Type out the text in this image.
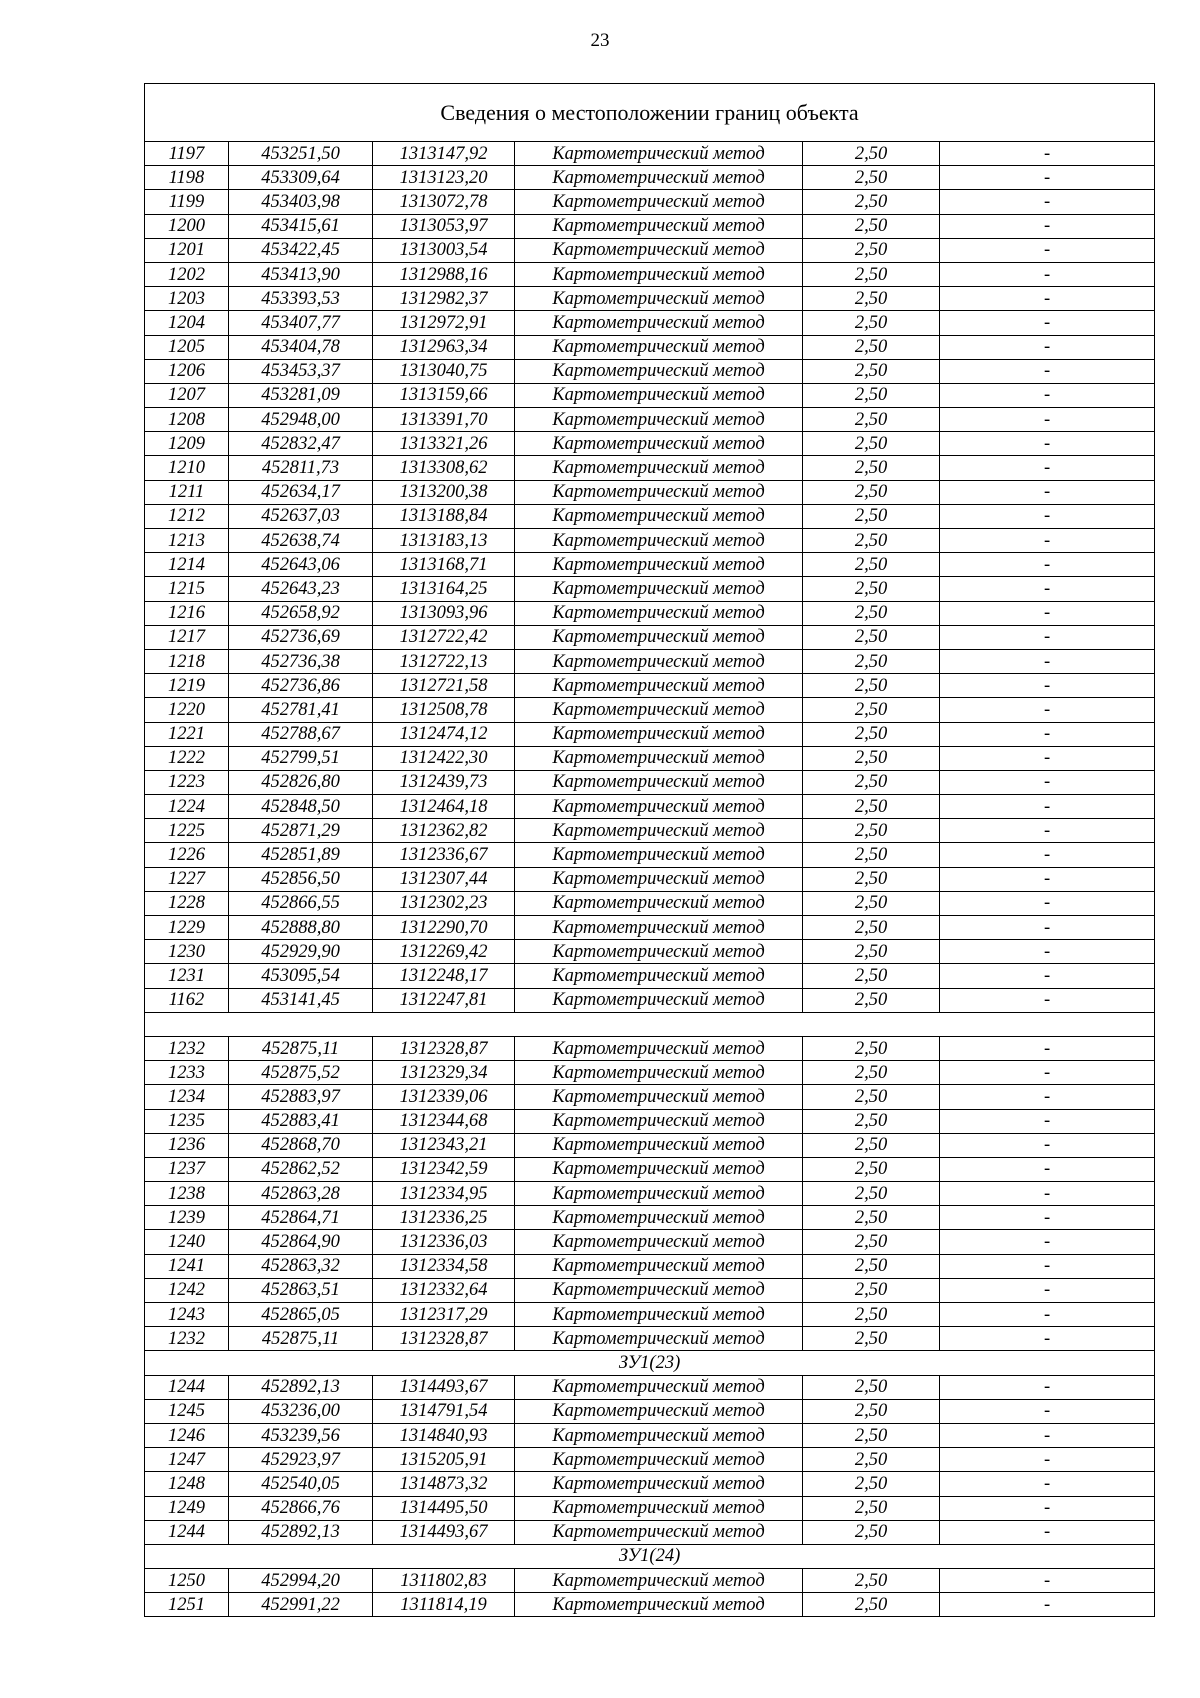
23
Сведения о местоположении границ объекта					
1197	453251,50	1313147,92	Картометрический метод	2,50	-
1198	453309,64	1313123,20	Картометрический метод	2,50	-
1199	453403,98	1313072,78	Картометрический метод	2,50	-
1200	453415,61	1313053,97	Картометрический метод	2,50	-
1201	453422,45	1313003,54	Картометрический метод	2,50	-
1202	453413,90	1312988,16	Картометрический метод	2,50	-
1203	453393,53	1312982,37	Картометрический метод	2,50	-
1204	453407,77	1312972,91	Картометрический метод	2,50	-
1205	453404,78	1312963,34	Картометрический метод	2,50	-
1206	453453,37	1313040,75	Картометрический метод	2,50	-
1207	453281,09	1313159,66	Картометрический метод	2,50	-
1208	452948,00	1313391,70	Картометрический метод	2,50	-
1209	452832,47	1313321,26	Картометрический метод	2,50	-
1210	452811,73	1313308,62	Картометрический метод	2,50	-
1211	452634,17	1313200,38	Картометрический метод	2,50	-
1212	452637,03	1313188,84	Картометрический метод	2,50	-
1213	452638,74	1313183,13	Картометрический метод	2,50	-
1214	452643,06	1313168,71	Картометрический метод	2,50	-
1215	452643,23	1313164,25	Картометрический метод	2,50	-
1216	452658,92	1313093,96	Картометрический метод	2,50	-
1217	452736,69	1312722,42	Картометрический метод	2,50	-
1218	452736,38	1312722,13	Картометрический метод	2,50	-
1219	452736,86	1312721,58	Картометрический метод	2,50	-
1220	452781,41	1312508,78	Картометрический метод	2,50	-
1221	452788,67	1312474,12	Картометрический метод	2,50	-
1222	452799,51	1312422,30	Картометрический метод	2,50	-
1223	452826,80	1312439,73	Картометрический метод	2,50	-
1224	452848,50	1312464,18	Картометрический метод	2,50	-
1225	452871,29	1312362,82	Картометрический метод	2,50	-
1226	452851,89	1312336,67	Картометрический метод	2,50	-
1227	452856,50	1312307,44	Картометрический метод	2,50	-
1228	452866,55	1312302,23	Картометрический метод	2,50	-
1229	452888,80	1312290,70	Картометрический метод	2,50	-
1230	452929,90	1312269,42	Картометрический метод	2,50	-
1231	453095,54	1312248,17	Картометрический метод	2,50	-
1162	453141,45	1312247,81	Картометрический метод	2,50	-

1232	452875,11	1312328,87	Картометрический метод	2,50	-
1233	452875,52	1312329,34	Картометрический метод	2,50	-
1234	452883,97	1312339,06	Картометрический метод	2,50	-
1235	452883,41	1312344,68	Картометрический метод	2,50	-
1236	452868,70	1312343,21	Картометрический метод	2,50	-
1237	452862,52	1312342,59	Картометрический метод	2,50	-
1238	452863,28	1312334,95	Картометрический метод	2,50	-
1239	452864,71	1312336,25	Картометрический метод	2,50	-
1240	452864,90	1312336,03	Картометрический метод	2,50	-
1241	452863,32	1312334,58	Картометрический метод	2,50	-
1242	452863,51	1312332,64	Картометрический метод	2,50	-
1243	452865,05	1312317,29	Картометрический метод	2,50	-
1232	452875,11	1312328,87	Картометрический метод	2,50	-
ЗУ1(23)					
1244	452892,13	1314493,67	Картометрический метод	2,50	-
1245	453236,00	1314791,54	Картометрический метод	2,50	-
1246	453239,56	1314840,93	Картометрический метод	2,50	-
1247	452923,97	1315205,91	Картометрический метод	2,50	-
1248	452540,05	1314873,32	Картометрический метод	2,50	-
1249	452866,76	1314495,50	Картометрический метод	2,50	-
1244	452892,13	1314493,67	Картометрический метод	2,50	-
ЗУ1(24)					
1250	452994,20	1311802,83	Картометрический метод	2,50	-
1251	452991,22	1311814,19	Картометрический метод	2,50	-
